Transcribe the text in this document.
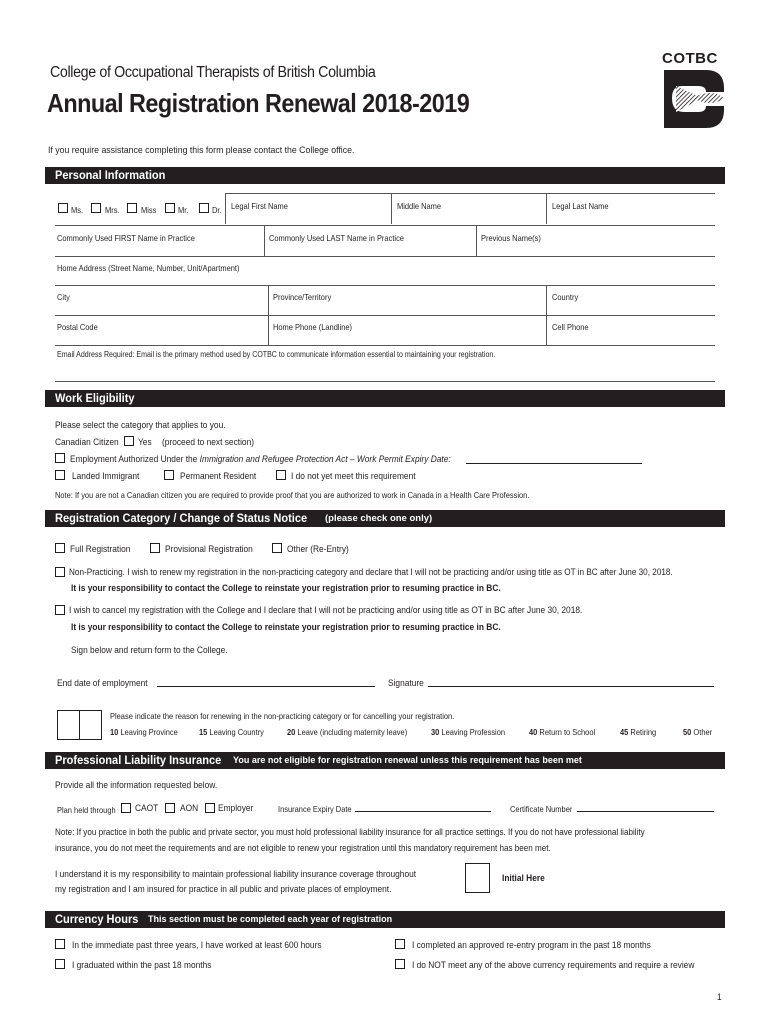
College of Occupational Therapists of British Columbia
Annual Registration Renewal 2018-2019
If you require assistance completing this form please contact the College office.
COTBC
Personal Information
Ms.	Mrs.	Miss	Mr.	Dr. Legal First Name	Middle Name	Legal Last Name
Commonly Used FIRST Name in Practice	Commonly Used LAST Name in Practice	Previous Name(s)
Home Address (Street Name, Number, Unit/Apartment)
City	Province/Territory	Country
Postal Code	Home Phone (Landline)	Cell Phone
Email Address Required: Email is the primary method used by COTBC to communicate information essential to maintaining your registration.
Work Eligibility
Please select the category that applies to you.
Canadian Citizen Yes (proceed to next section)
Employment Authorized Under the Immigration and Refugee Protection Act – Work Permit Expiry Date:
Landed Immigrant	Permanent Resident	I do not yet meet this requirement
Note: If you are not a Canadian citizen you are required to provide proof that you are authorized to work in Canada in a Health Care Profession.
Registration Category / Change of Status Notice (please check one only)
Full Registration	Provisional Registration	Other (Re-Entry)
Non-Practicing. I wish to renew my registration in the non-practicing category and declare that I will not be practicing and/or using title as OT in BC after June 30, 2018.
It is your responsibility to contact the College to reinstate your registration prior to resuming practice in BC.
I wish to cancel my registration with the College and I declare that I will not be practicing and/or using title as OT in BC after June 30, 2018.
It is your responsibility to contact the College to reinstate your registration prior to resuming practice in BC.
Sign below and return form to the College.
End date of employment	Signature
Please indicate the reason for renewing in the non-practicing category or for cancelling your registration.
10 Leaving Province 15 Leaving Country	20 Leave (including maternity leave)	30 Leaving Profession	40 Return to School	45 Retiring	50 Other
Professional Liability Insurance You are not eligible for registration renewal unless this requirement has been met
Provide all the information requested below.
Plan held through CAOT AON Employer	Insurance Expiry Date	Certificate Number
Note: If you practice in both the public and private sector, you must hold professional liability insurance for all practice settings. If you do not have professional liability
insurance, you do not meet the requirements and are not eligible to renew your registration until this mandatory requirement has been met.
I understand it is my responsibility to maintain professional liability insurance coverage throughout
my registration and I am insured for practice in all public and private places of employment.
Initial Here
Currency Hours This section must be completed each year of registration
In the immediate past three years, I have worked at least 600 hours	I completed an approved re-entry program in the past 18 months
I graduated within the past 18 months	I do NOT meet any of the above currency requirements and require a review
1
